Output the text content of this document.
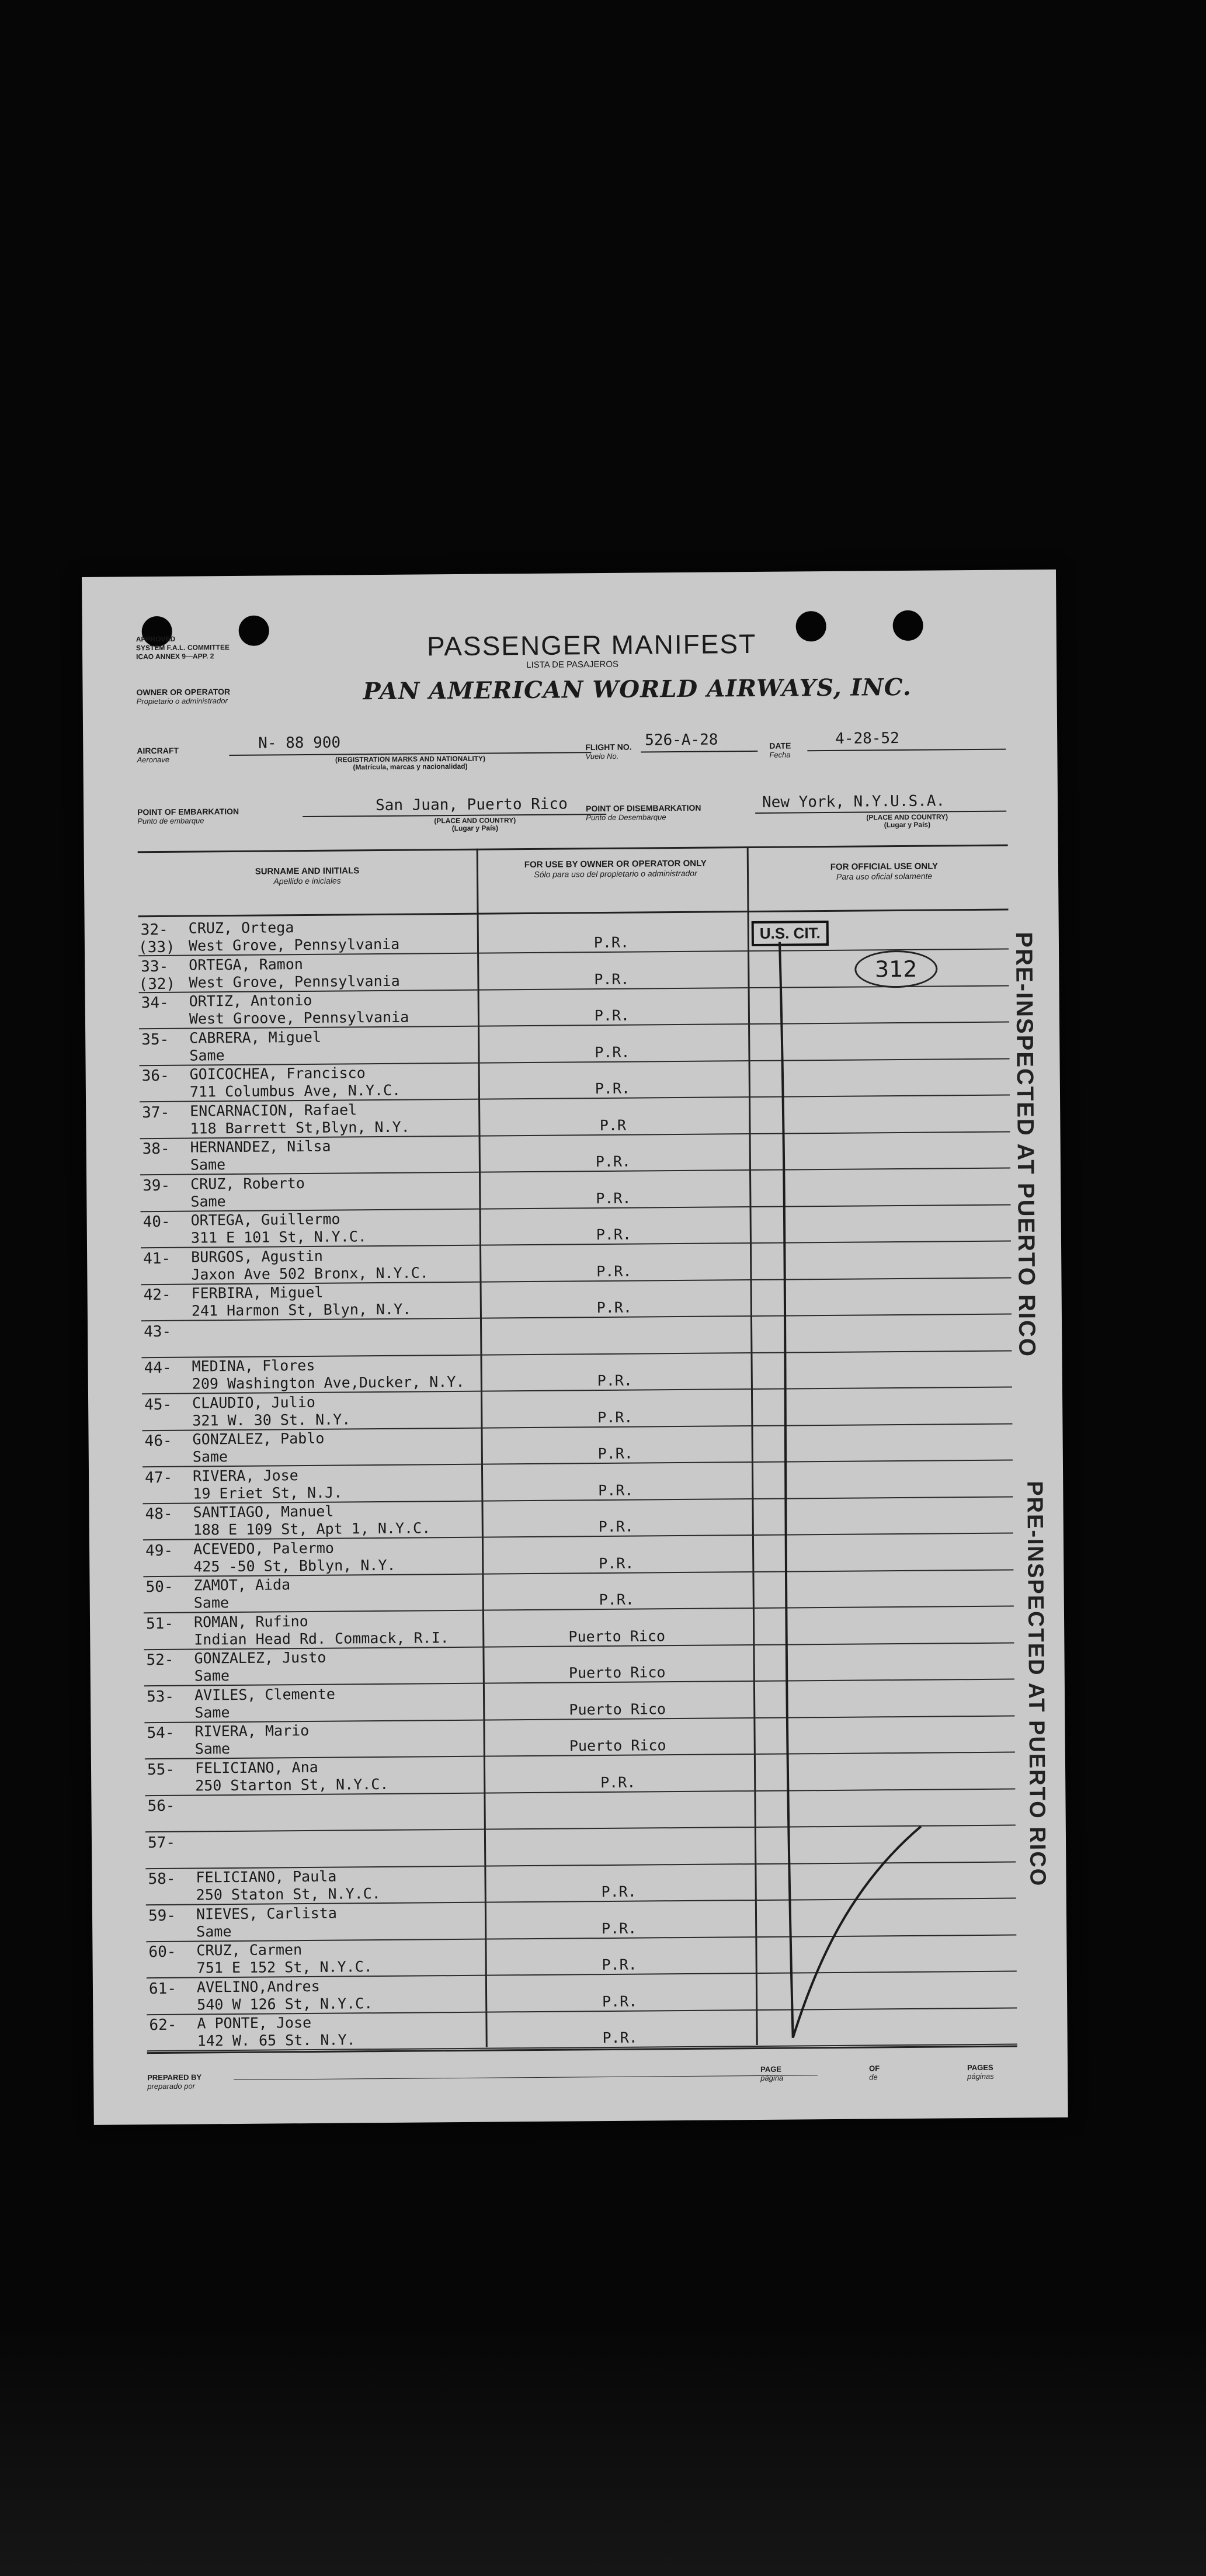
APPROVED
SYSTEM F.A.L. COMMITTEE
ICAO ANNEX 9—APP. 2	PASSENGER MANIFEST
LISTA DE PASAJEROS
OWNER OR OPERATOR
Propietario o administrador	PAN AMERICAN WORLD AIRWAYS, INC.
AIRCRAFT
Aeronave
N- 88 900
(REGISTRATION MARKS AND NATIONALITY)
(Matrícula, marcas y nacionalidad)
FLIGHT NO.
Vuelo No.
526-A-28	DATE
Fecha
4-28-52
POINT OF EMBARKATION
Punto de embarque
San Juan, Puerto Rico
(PLACE AND COUNTRY)
(Lugar y País)
POINT OF DISEMBARKATION
Punto de Desembarque
New York, N.Y.U.S.A.
(PLACE AND COUNTRY)
(Lugar y País)
SURNAME AND INITIALS
Apellido e iniciales
FOR USE BY OWNER OR OPERATOR ONLY
Sólo para uso del propietario o administrador
FOR OFFICIAL USE ONLY
Para uso oficial solamente
32-
(33)
CRUZ, Ortega
West Grove, Pennsylvania	P.R.
33-
(32)
ORTEGA, Ramon
West Grove, Pennsylvania	P.R.
34- ORTIZ, Antonio
West Groove, Pennsylvania	P.R.
35- CABRERA, Miguel
Same	P.R.
36- GOICOCHEA, Francisco
711 Columbus Ave, N.Y.C.	P.R.
37- ENCARNACION, Rafael
118 Barrett St,Blyn, N.Y.	P.R
38- HERNANDEZ, Nilsa
Same	P.R.
39- CRUZ, Roberto
Same	P.R.
40- ORTEGA, Guillermo
311 E 101 St, N.Y.C.	P.R.
41- BURGOS, Agustin
Jaxon Ave 502 Bronx, N.Y.C.	P.R.
42- FERBIRA, Miguel
241 Harmon St, Blyn, N.Y.	P.R.
43-
44- MEDINA, Flores
209 Washington Ave,Ducker, N.Y.	P.R.
45- CLAUDIO, Julio
321 W. 30 St. N.Y.	P.R.
46- GONZALEZ, Pablo
Same	P.R.
47- RIVERA, Jose
19 Eriet St, N.J.	P.R.
48- SANTIAGO, Manuel
188 E 109 St, Apt 1, N.Y.C.	P.R.
49- ACEVEDO, Palermo
425 -50 St, Bblyn, N.Y.	P.R.
50- ZAMOT, Aida
Same	P.R.
51- ROMAN, Rufino
Indian Head Rd. Commack, R.I.	Puerto Rico
52- GONZALEZ, Justo
Same	Puerto Rico
53- AVILES, Clemente
Same	Puerto Rico
54- RIVERA, Mario
Same	Puerto Rico
55- FELICIANO, Ana
250 Starton St, N.Y.C.	P.R.
56-
57-
58- FELICIANO, Paula
250 Staton St, N.Y.C.	P.R.
59- NIEVES, Carlista
Same	P.R.
60- CRUZ, Carmen
751 E 152 St, N.Y.C.	P.R.
61- AVELINO,Andres
540 W 126 St, N.Y.C.	P.R.
62- A PONTE, Jose
142 W. 65 St. N.Y.	P.R.
U.S. CIT.
312	PRE-INSPECTED AT PUERTO RICO
PRE-INSPECTED AT PUERTO RICO
PREPARED BY
preparado por
PAGE
página
OF
de
PAGES
páginas
